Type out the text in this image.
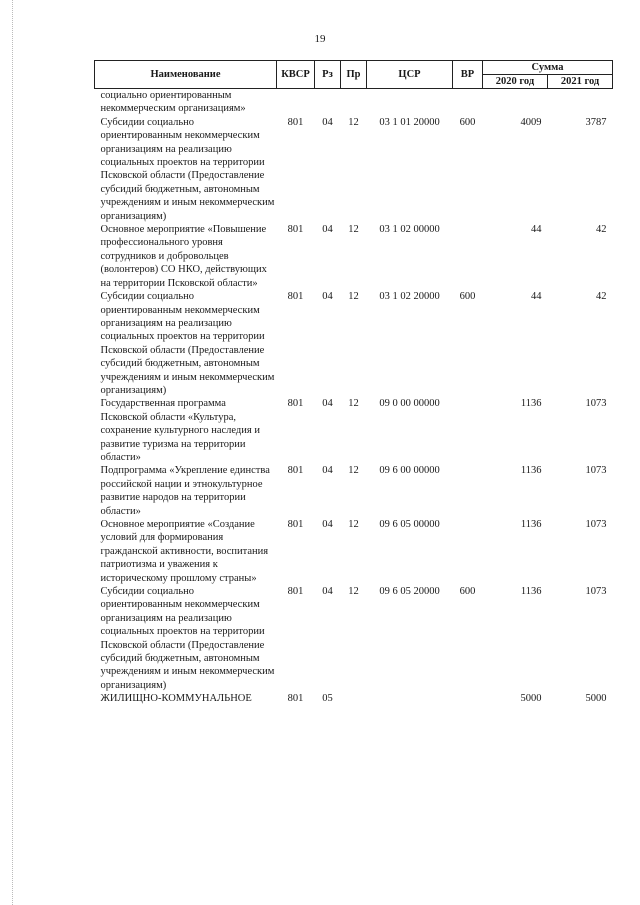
19
Наименование	КВСР	Рз	Пр	ЦСР	ВР	Сумма	
						2020 год	2021 год
социально ориентированным некоммерческим организациям»							
Субсидии социально ориентированным некоммерческим организациям на реализацию социальных проектов на территории Псковской области (Предоставление субсидий бюджетным, автономным учреждениям и иным некоммерческим организациям)	801	04	12	03 1 01 20000	600	4009	3787
Основное мероприятие «Повышение профессионального уровня сотрудников и добровольцев (волонтеров) СО НКО, действующих на территории Псковской области»	801	04	12	03 1 02 00000		44	42
Субсидии социально ориентированным некоммерческим организациям на реализацию социальных проектов на территории Псковской области (Предоставление субсидий бюджетным, автономным учреждениям и иным некоммерческим организациям)	801	04	12	03 1 02 20000	600	44	42
Государственная программа Псковской области «Культура, сохранение культурного наследия и развитие туризма на территории области»	801	04	12	09 0 00 00000		1136	1073
Подпрограмма «Укрепление единства российской нации и этнокультурное развитие народов на территории области»	801	04	12	09 6 00 00000		1136	1073
Основное мероприятие «Создание условий для формирования гражданской активности, воспитания патриотизма и уважения к историческому прошлому страны»	801	04	12	09 6 05 00000		1136	1073
Субсидии социально ориентированным некоммерческим организациям на реализацию социальных проектов на территории Псковской области (Предоставление субсидий бюджетным, автономным учреждениям и иным некоммерческим организациям)	801	04	12	09 6 05 20000	600	1136	1073
ЖИЛИЩНО-КОММУНАЛЬНОЕ	801	05				5000	5000
